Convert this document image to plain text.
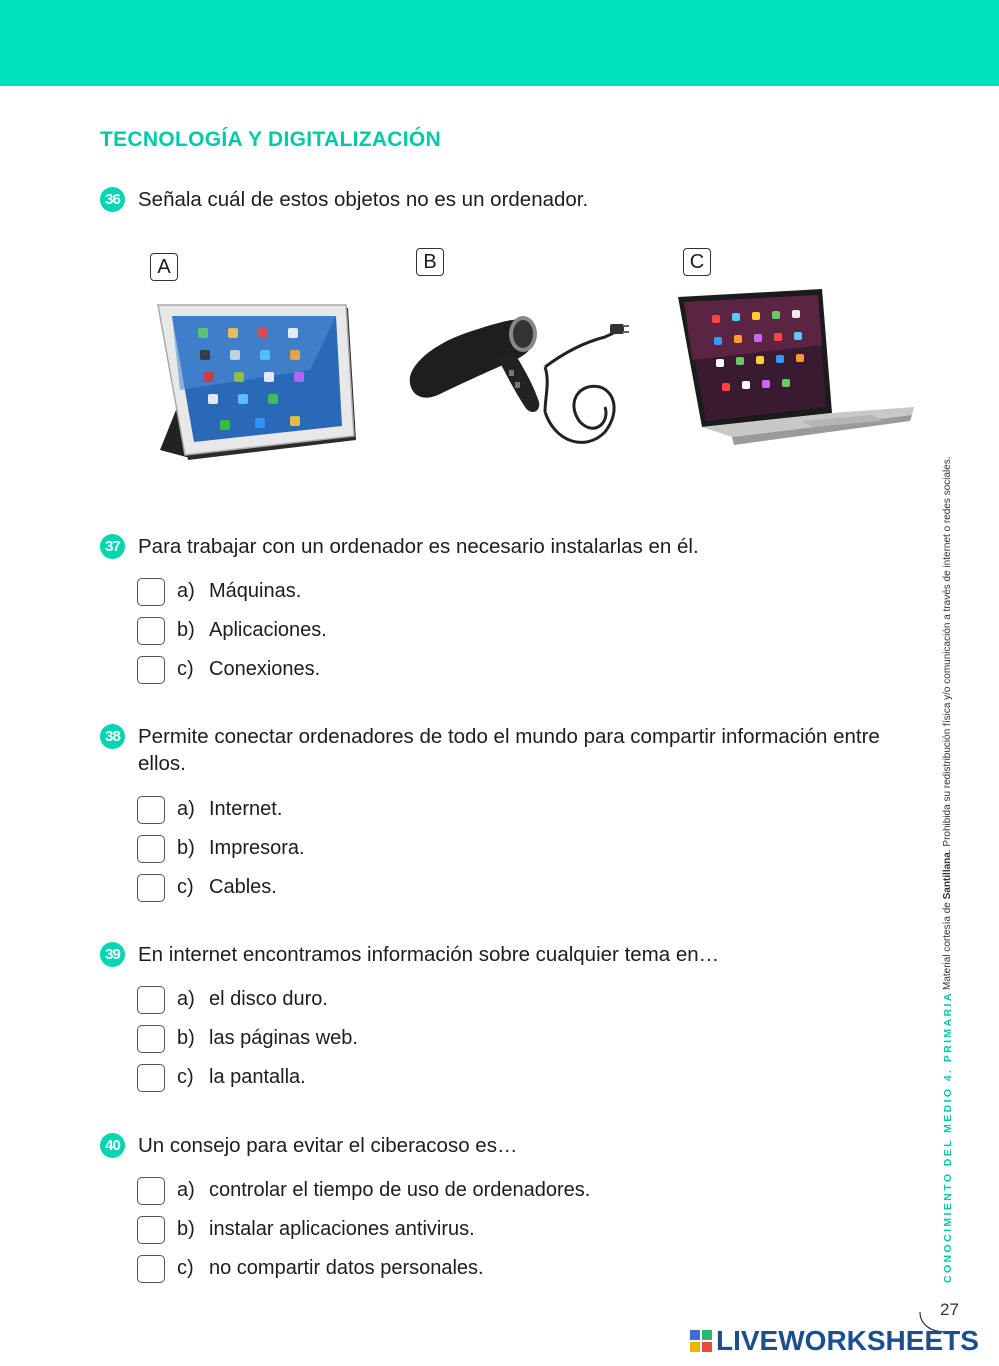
TECNOLOGÍA Y DIGITALIZACIÓN
36 Señala cuál de estos objetos no es un ordenador.
A	B	C
37 Para trabajar con un ordenador es necesario instalarlas en él.
a) Máquinas.
b) Aplicaciones.
c) Conexiones.
38 Permite conectar ordenadores de todo el mundo para compartir información entre ellos.
a) Internet.
b) Impresora.
c) Cables.
39 En internet encontramos información sobre cualquier tema en…
a) el disco duro.
b) las páginas web.
c) la pantalla.
40 Un consejo para evitar el ciberacoso es…
a) controlar el tiempo de uso de ordenadores.
b) instalar aplicaciones antivirus.
c) no compartir datos personales.	CONOCIMIENTO DEL MEDIO 4. PRIMARIA
Material cortesía de Santillana. Prohibida su redistribución física y/o comunicación a través de internet o redes sociales.
27
LIVEWORKSHEETS
